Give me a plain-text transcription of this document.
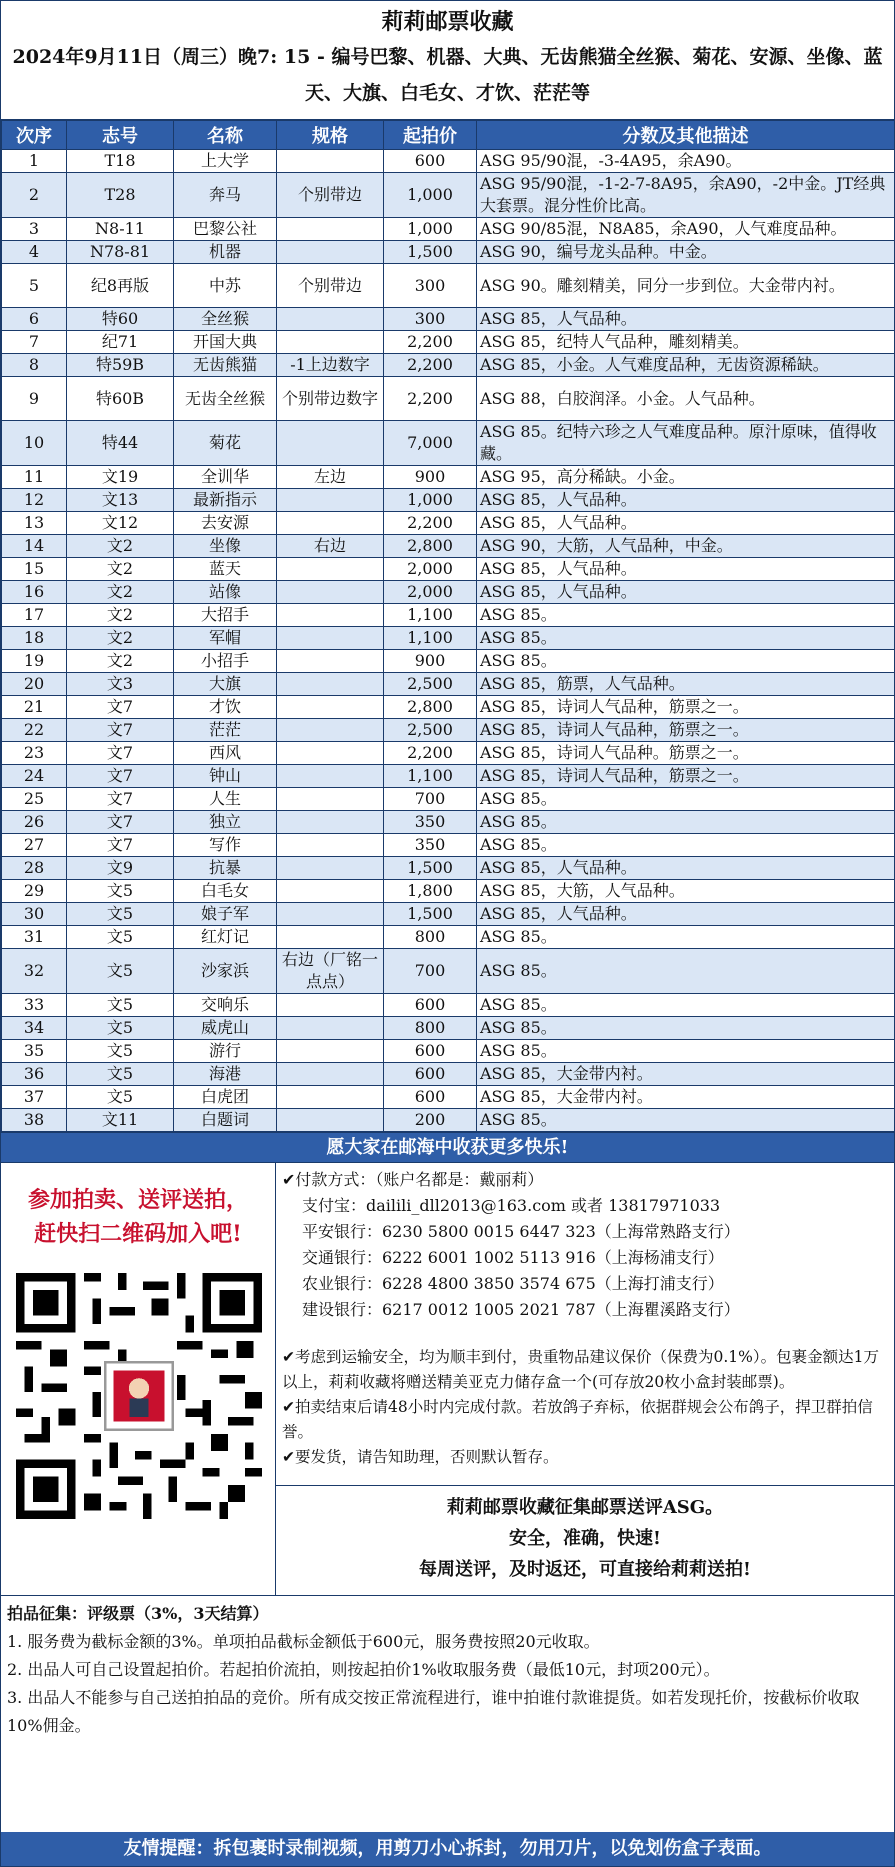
莉莉邮票收藏
2024年9月11日（周三）晚7: 15 - 编号巴黎、机器、大典、无齿熊猫全丝猴、菊花、安源、坐像、蓝天、大旗、白毛女、才饮、茫茫等
次序	志号	名称	规格	起拍价	分数及其他描述
1	T18	上大学		600	ASG 95/90混，-3-4A95，余A90。
2	T28	奔马	个别带边	1,000	ASG 95/90混，-1-2-7-8A95，余A90，-2中金。JT经典大套票。混分性价比高。
3	N8-11	巴黎公社		1,000	ASG 90/85混，N8A85，余A90，人气难度品种。
4	N78-81	机器		1,500	ASG 90，编号龙头品种。中金。
5	纪8再版	中苏	个别带边	300	ASG 90。雕刻精美，同分一步到位。大金带内衬。
6	特60	全丝猴		300	ASG 85，人气品种。
7	纪71	开国大典		2,200	ASG 85，纪特人气品种，雕刻精美。
8	特59B	无齿熊猫	-1上边数字	2,200	ASG 85，小金。人气难度品种，无齿资源稀缺。
9	特60B	无齿全丝猴	个别带边数字	2,200	ASG 88，白胶润泽。小金。人气品种。
10	特44	菊花		7,000	ASG 85。纪特六珍之人气难度品种。原汁原味，值得收藏。
11	文19	全训华	左边	900	ASG 95，高分稀缺。小金。
12	文13	最新指示		1,000	ASG 85，人气品种。
13	文12	去安源		2,200	ASG 85，人气品种。
14	文2	坐像	右边	2,800	ASG 90，大筋，人气品种，中金。
15	文2	蓝天		2,000	ASG 85，人气品种。
16	文2	站像		2,000	ASG 85，人气品种。
17	文2	大招手		1,100	ASG 85。
18	文2	军帽		1,100	ASG 85。
19	文2	小招手		900	ASG 85。
20	文3	大旗		2,500	ASG 85，筋票，人气品种。
21	文7	才饮		2,800	ASG 85，诗词人气品种，筋票之一。
22	文7	茫茫		2,500	ASG 85，诗词人气品种，筋票之一。
23	文7	西风		2,200	ASG 85，诗词人气品种。筋票之一。
24	文7	钟山		1,100	ASG 85，诗词人气品种，筋票之一。
25	文7	人生		700	ASG 85。
26	文7	独立		350	ASG 85。
27	文7	写作		350	ASG 85。
28	文9	抗暴		1,500	ASG 85，人气品种。
29	文5	白毛女		1,800	ASG 85，大筋，人气品种。
30	文5	娘子军		1,500	ASG 85，人气品种。
31	文5	红灯记		800	ASG 85。
32	文5	沙家浜	右边（厂铭一点点）	700	ASG 85。
33	文5	交响乐		600	ASG 85。
34	文5	威虎山		800	ASG 85。
35	文5	游行		600	ASG 85。
36	文5	海港		600	ASG 85，大金带内衬。
37	文5	白虎团		600	ASG 85，大金带内衬。
38	文11	白题词		200	ASG 85。
愿大家在邮海中收获更多快乐!
参加拍卖、送评送拍，
赶快扫二维码加入吧!
✔付款方式：（账户名都是：戴丽莉）
支付宝：dailili_dll2013@163.com 或者 13817971033
平安银行：6230 5800 0015 6447 323（上海常熟路支行）
交通银行：6222 6001 1002 5113 916（上海杨浦支行）
农业银行：6228 4800 3850 3574 675（上海打浦支行）
建设银行：6217 0012 1005 2021 787（上海瞿溪路支行）
✔考虑到运输安全，均为顺丰到付，贵重物品建议保价（保费为0.1%）。包裹金额达1万以上，莉莉收藏将赠送精美亚克力储存盒一个(可存放20枚小盒封装邮票)。
✔拍卖结束后请48小时内完成付款。若放鸽子弃标，依据群规会公布鸽子，捍卫群拍信誉。
✔要发货，请告知助理，否则默认暂存。
莉莉邮票收藏征集邮票送评ASG。
安全，准确，快速!
每周送评，及时返还，可直接给莉莉送拍!
拍品征集：评级票（3%，3天结算）
1. 服务费为截标金额的3%。单项拍品截标金额低于600元，服务费按照20元收取。
2. 出品人可自己设置起拍价。若起拍价流拍，则按起拍价1%收取服务费（最低10元，封项200元）。
3. 出品人不能参与自己送拍拍品的竞价。所有成交按正常流程进行，谁中拍谁付款谁提货。如若发现托价，按截标价收取10%佣金。
友情提醒：拆包裹时录制视频，用剪刀小心拆封，勿用刀片，以免划伤盒子表面。
